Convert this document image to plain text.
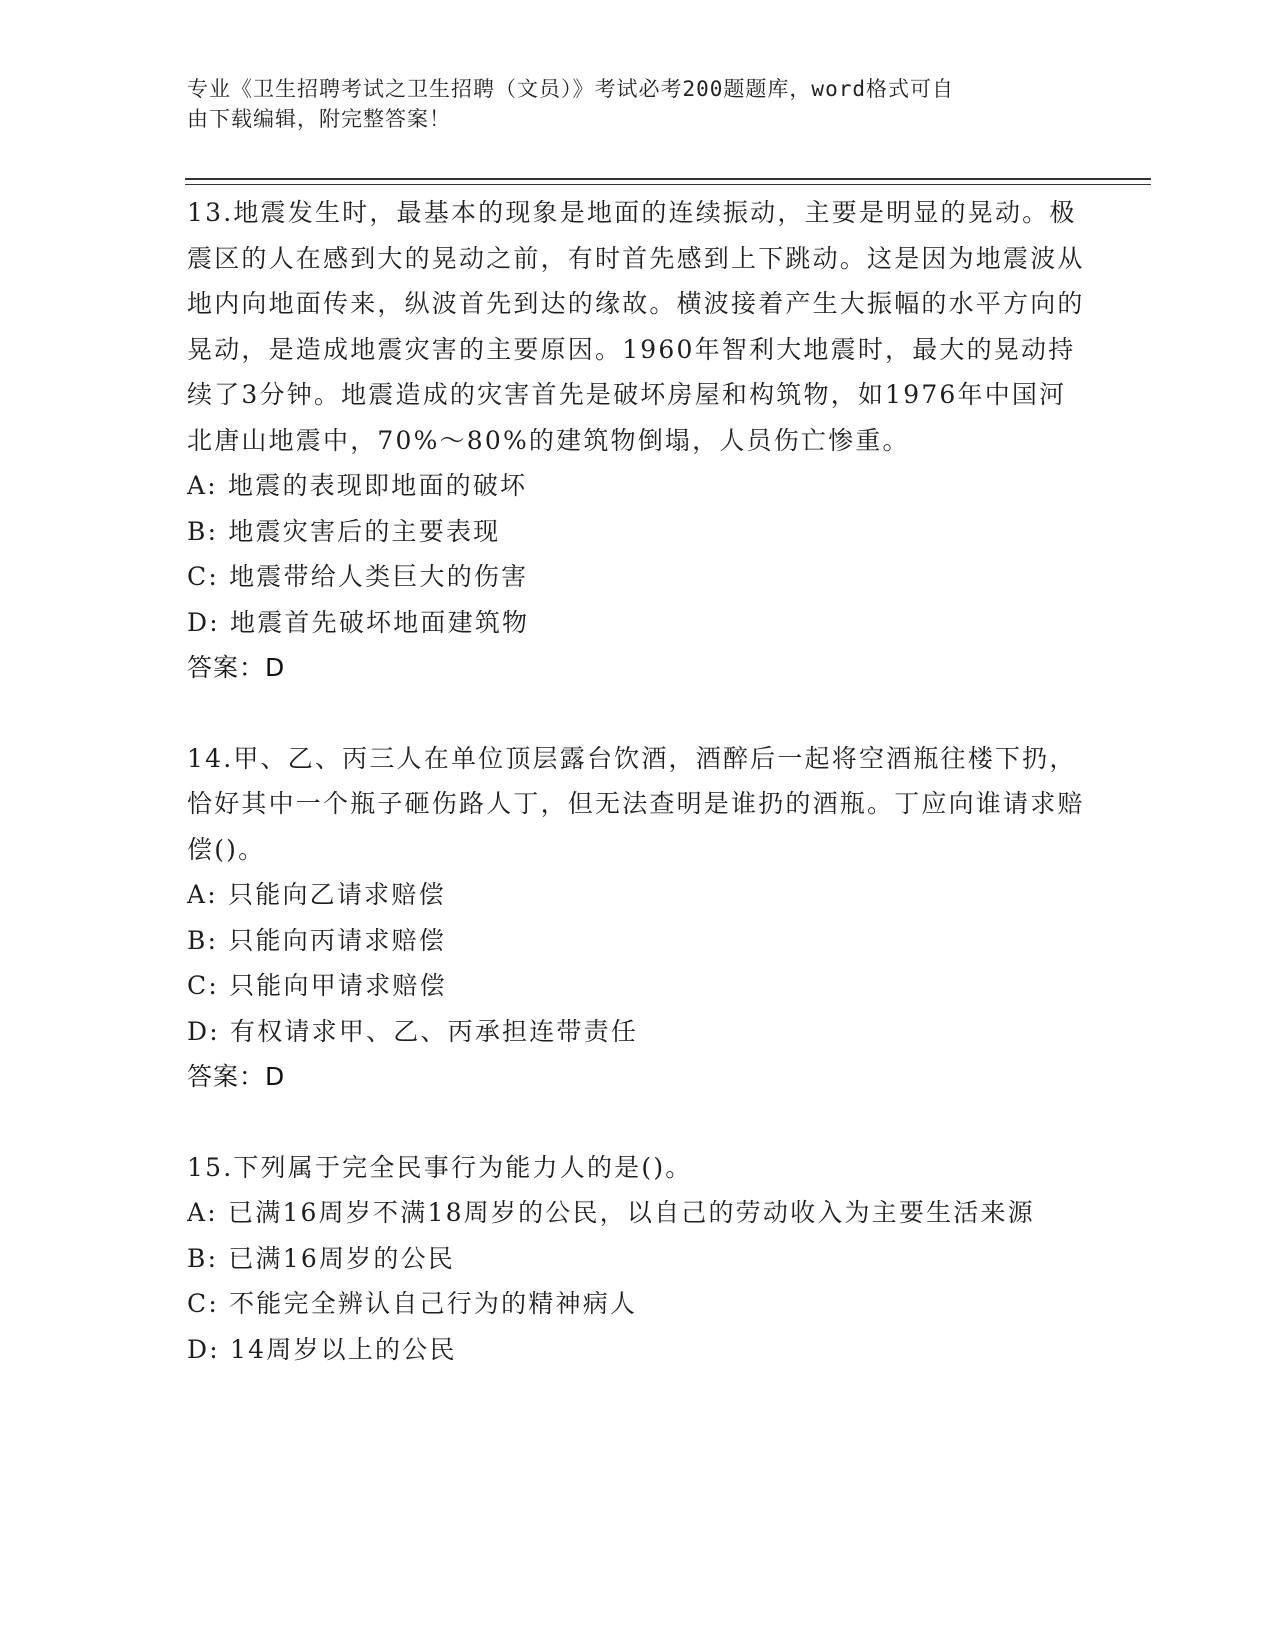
专业《卫生招聘考试之卫生招聘（文员）》考试必考200题题库，word格式可自
由下载编辑，附完整答案！

13.地震发生时，最基本的现象是地面的连续振动，主要是明显的晃动。极震区的人在感到大的晃动之前，有时首先感到上下跳动。这是因为地震波从地内向地面传来，纵波首先到达的缘故。横波接着产生大振幅的水平方向的晃动，是造成地震灾害的主要原因。1960年智利大地震时，最大的晃动持续了3分钟。地震造成的灾害首先是破坏房屋和构筑物，如1976年中国河北唐山地震中，70%～80%的建筑物倒塌，人员伤亡惨重。

A: 地震的表现即地面的破坏

B: 地震灾害后的主要表现

C: 地震带给人类巨大的伤害

D: 地震首先破坏地面建筑物

答案：D

14.甲、乙、丙三人在单位顶层露台饮酒，酒醉后一起将空酒瓶往楼下扔，恰好其中一个瓶子砸伤路人丁，但无法查明是谁扔的酒瓶。丁应向谁请求赔偿()。

A: 只能向乙请求赔偿

B: 只能向丙请求赔偿

C: 只能向甲请求赔偿

D: 有权请求甲、乙、丙承担连带责任

答案：D

15.下列属于完全民事行为能力人的是()。

A: 已满16周岁不满18周岁的公民，以自己的劳动收入为主要生活来源

B: 已满16周岁的公民

C: 不能完全辨认自己行为的精神病人

D: 14周岁以上的公民
